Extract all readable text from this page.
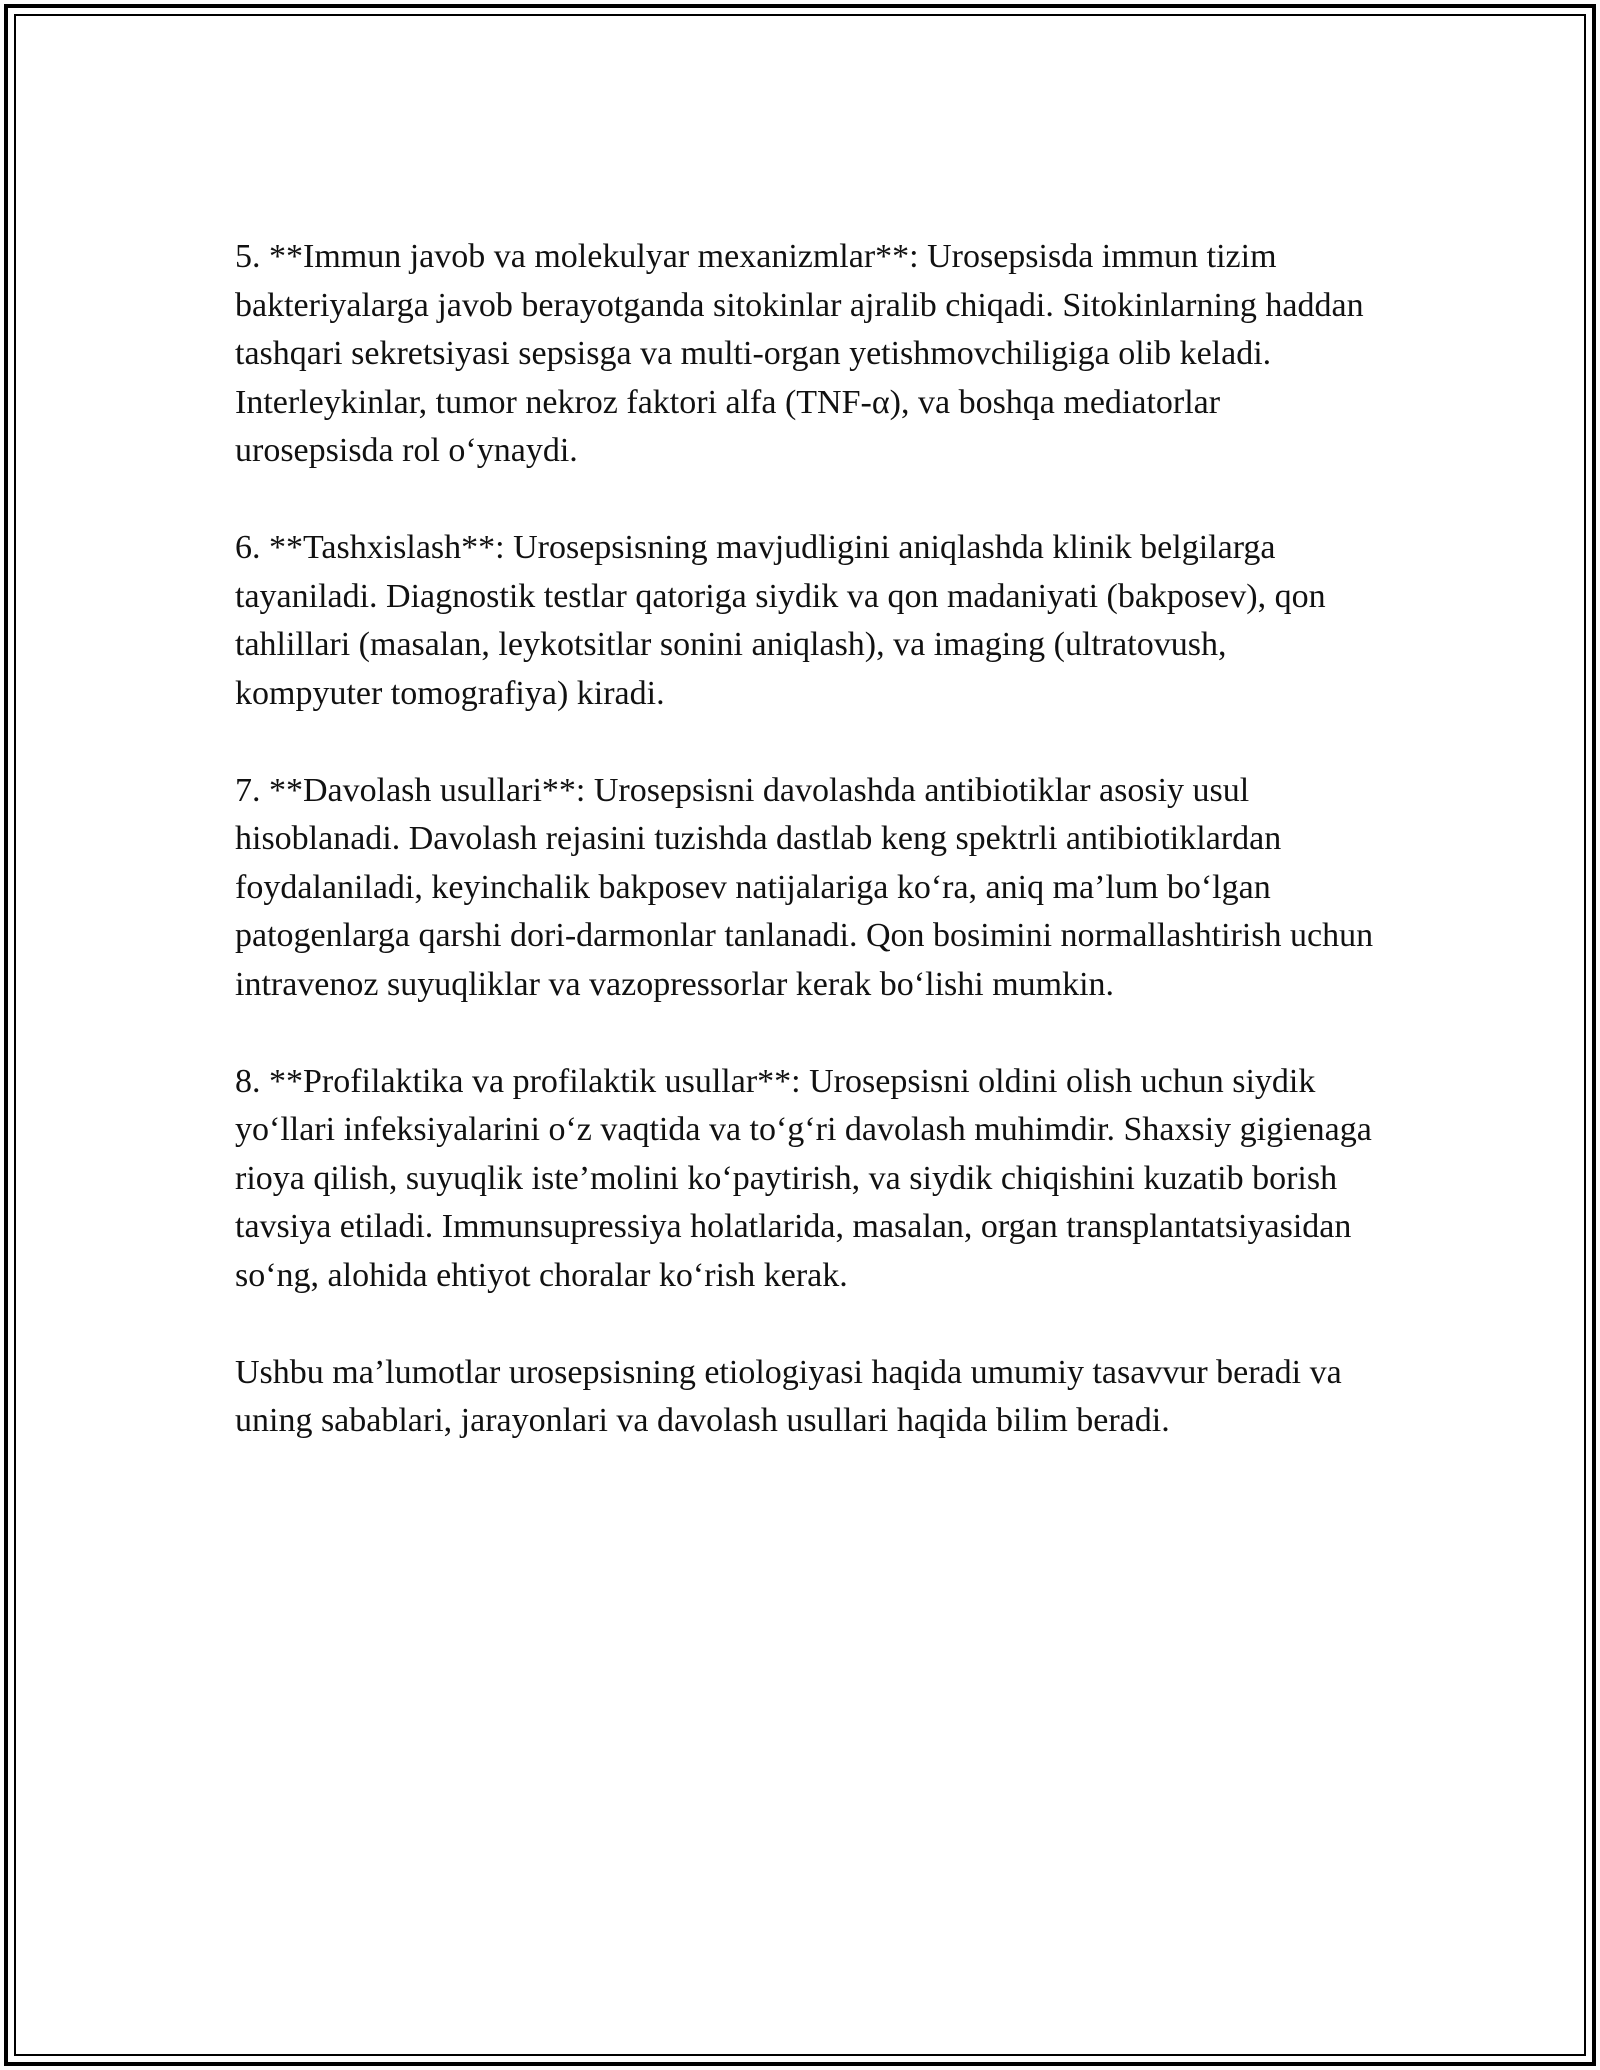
5. **Immun javob va molekulyar mexanizmlar**: Urosepsisda immun tizim bakteriyalarga javob berayotganda sitokinlar ajralib chiqadi. Sitokinlarning haddan tashqari sekretsiyasi sepsisga va multi-organ yetishmovchiligiga olib keladi. Interleykinlar, tumor nekroz faktori alfa (TNF-α), va boshqa mediatorlar urosepsisda rol o‘ynaydi.

6. **Tashxislash**: Urosepsisning mavjudligini aniqlashda klinik belgilarga tayaniladi. Diagnostik testlar qatoriga siydik va qon madaniyati (bakposev), qon tahlillari (masalan, leykotsitlar sonini aniqlash), va imaging (ultratovush, kompyuter tomografiya) kiradi.

7. **Davolash usullari**: Urosepsisni davolashda antibiotiklar asosiy usul hisoblanadi. Davolash rejasini tuzishda dastlab keng spektrli antibiotiklardan foydalaniladi, keyinchalik bakposev natijalariga ko‘ra, aniq ma’lum bo‘lgan patogenlarga qarshi dori-darmonlar tanlanadi. Qon bosimini normallashtirish uchun intravenoz suyuqliklar va vazopressorlar kerak bo‘lishi mumkin.

8. **Profilaktika va profilaktik usullar**: Urosepsisni oldini olish uchun siydik yo‘llari infeksiyalarini o‘z vaqtida va to‘g‘ri davolash muhimdir. Shaxsiy gigienaga rioya qilish, suyuqlik iste’molini ko‘paytirish, va siydik chiqishini kuzatib borish tavsiya etiladi. Immunsupressiya holatlarida, masalan, organ transplantatsiyasidan so‘ng, alohida ehtiyot choralar ko‘rish kerak.

Ushbu ma’lumotlar urosepsisning etiologiyasi haqida umumiy tasavvur beradi va uning sabablari, jarayonlari va davolash usullari haqida bilim beradi.
